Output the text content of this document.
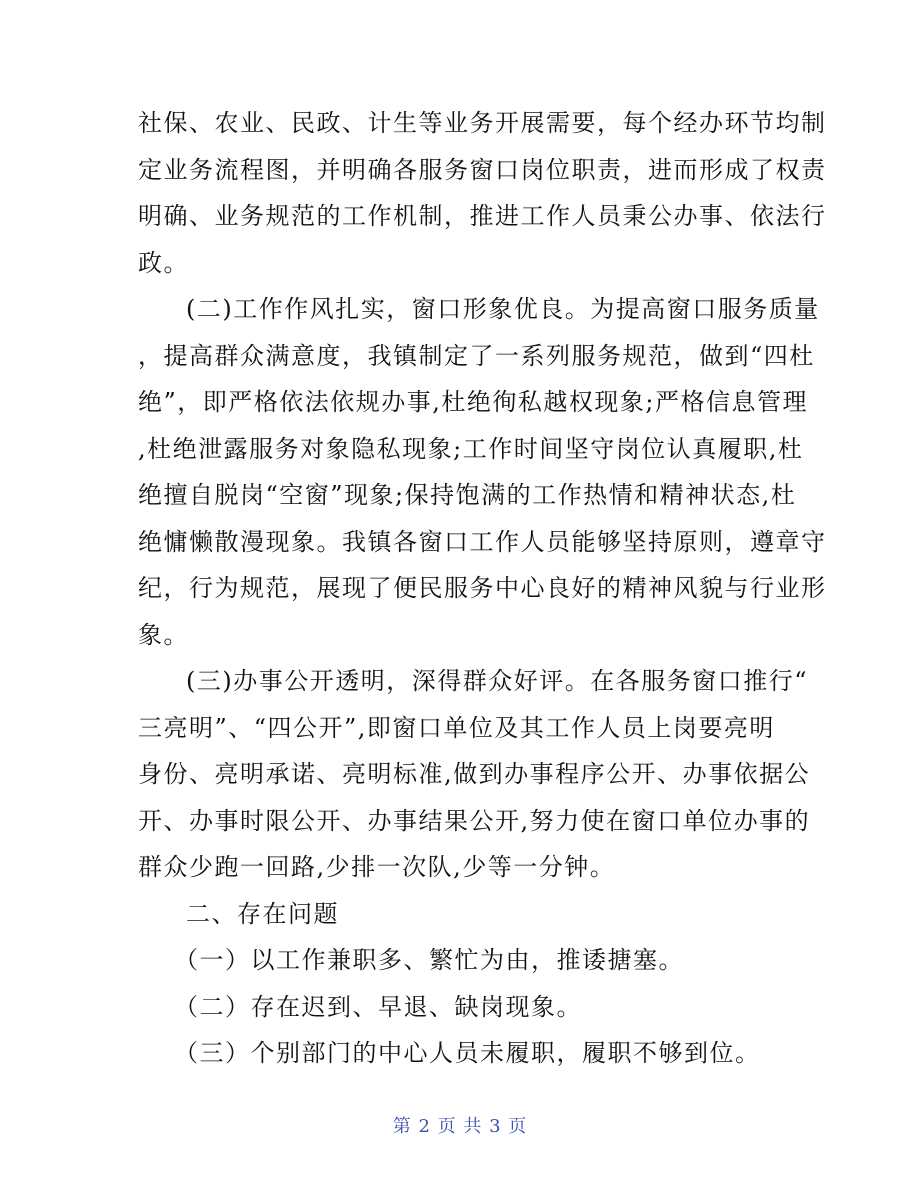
社保、农业、民政、计生等业务开展需要，每个经办环节均制
定业务流程图，并明确各服务窗口岗位职责，进而形成了权责
明确、业务规范的工作机制，推进工作人员秉公办事、依法行
政。
(二)工作作风扎实，窗口形象优良。为提高窗口服务质量
，提高群众满意度，我镇制定了一系列服务规范，做到“四杜
绝”，即严格依法依规办事,杜绝徇私越权现象;严格信息管理
,杜绝泄露服务对象隐私现象;工作时间坚守岗位认真履职,杜
绝擅自脱岗“空窗”现象;保持饱满的工作热情和精神状态,杜
绝慵懒散漫现象。我镇各窗口工作人员能够坚持原则，遵章守
纪，行为规范，展现了便民服务中心良好的精神风貌与行业形
象。
(三)办事公开透明，深得群众好评。在各服务窗口推行“
三亮明”、“四公开”,即窗口单位及其工作人员上岗要亮明
身份、亮明承诺、亮明标准,做到办事程序公开、办事依据公
开、办事时限公开、办事结果公开,努力使在窗口单位办事的
群众少跑一回路,少排一次队,少等一分钟。
二、存在问题
（一）以工作兼职多、繁忙为由，推诿搪塞。
（二）存在迟到、早退、缺岗现象。
（三）个别部门的中心人员未履职，履职不够到位。
第 2 页 共 3 页
